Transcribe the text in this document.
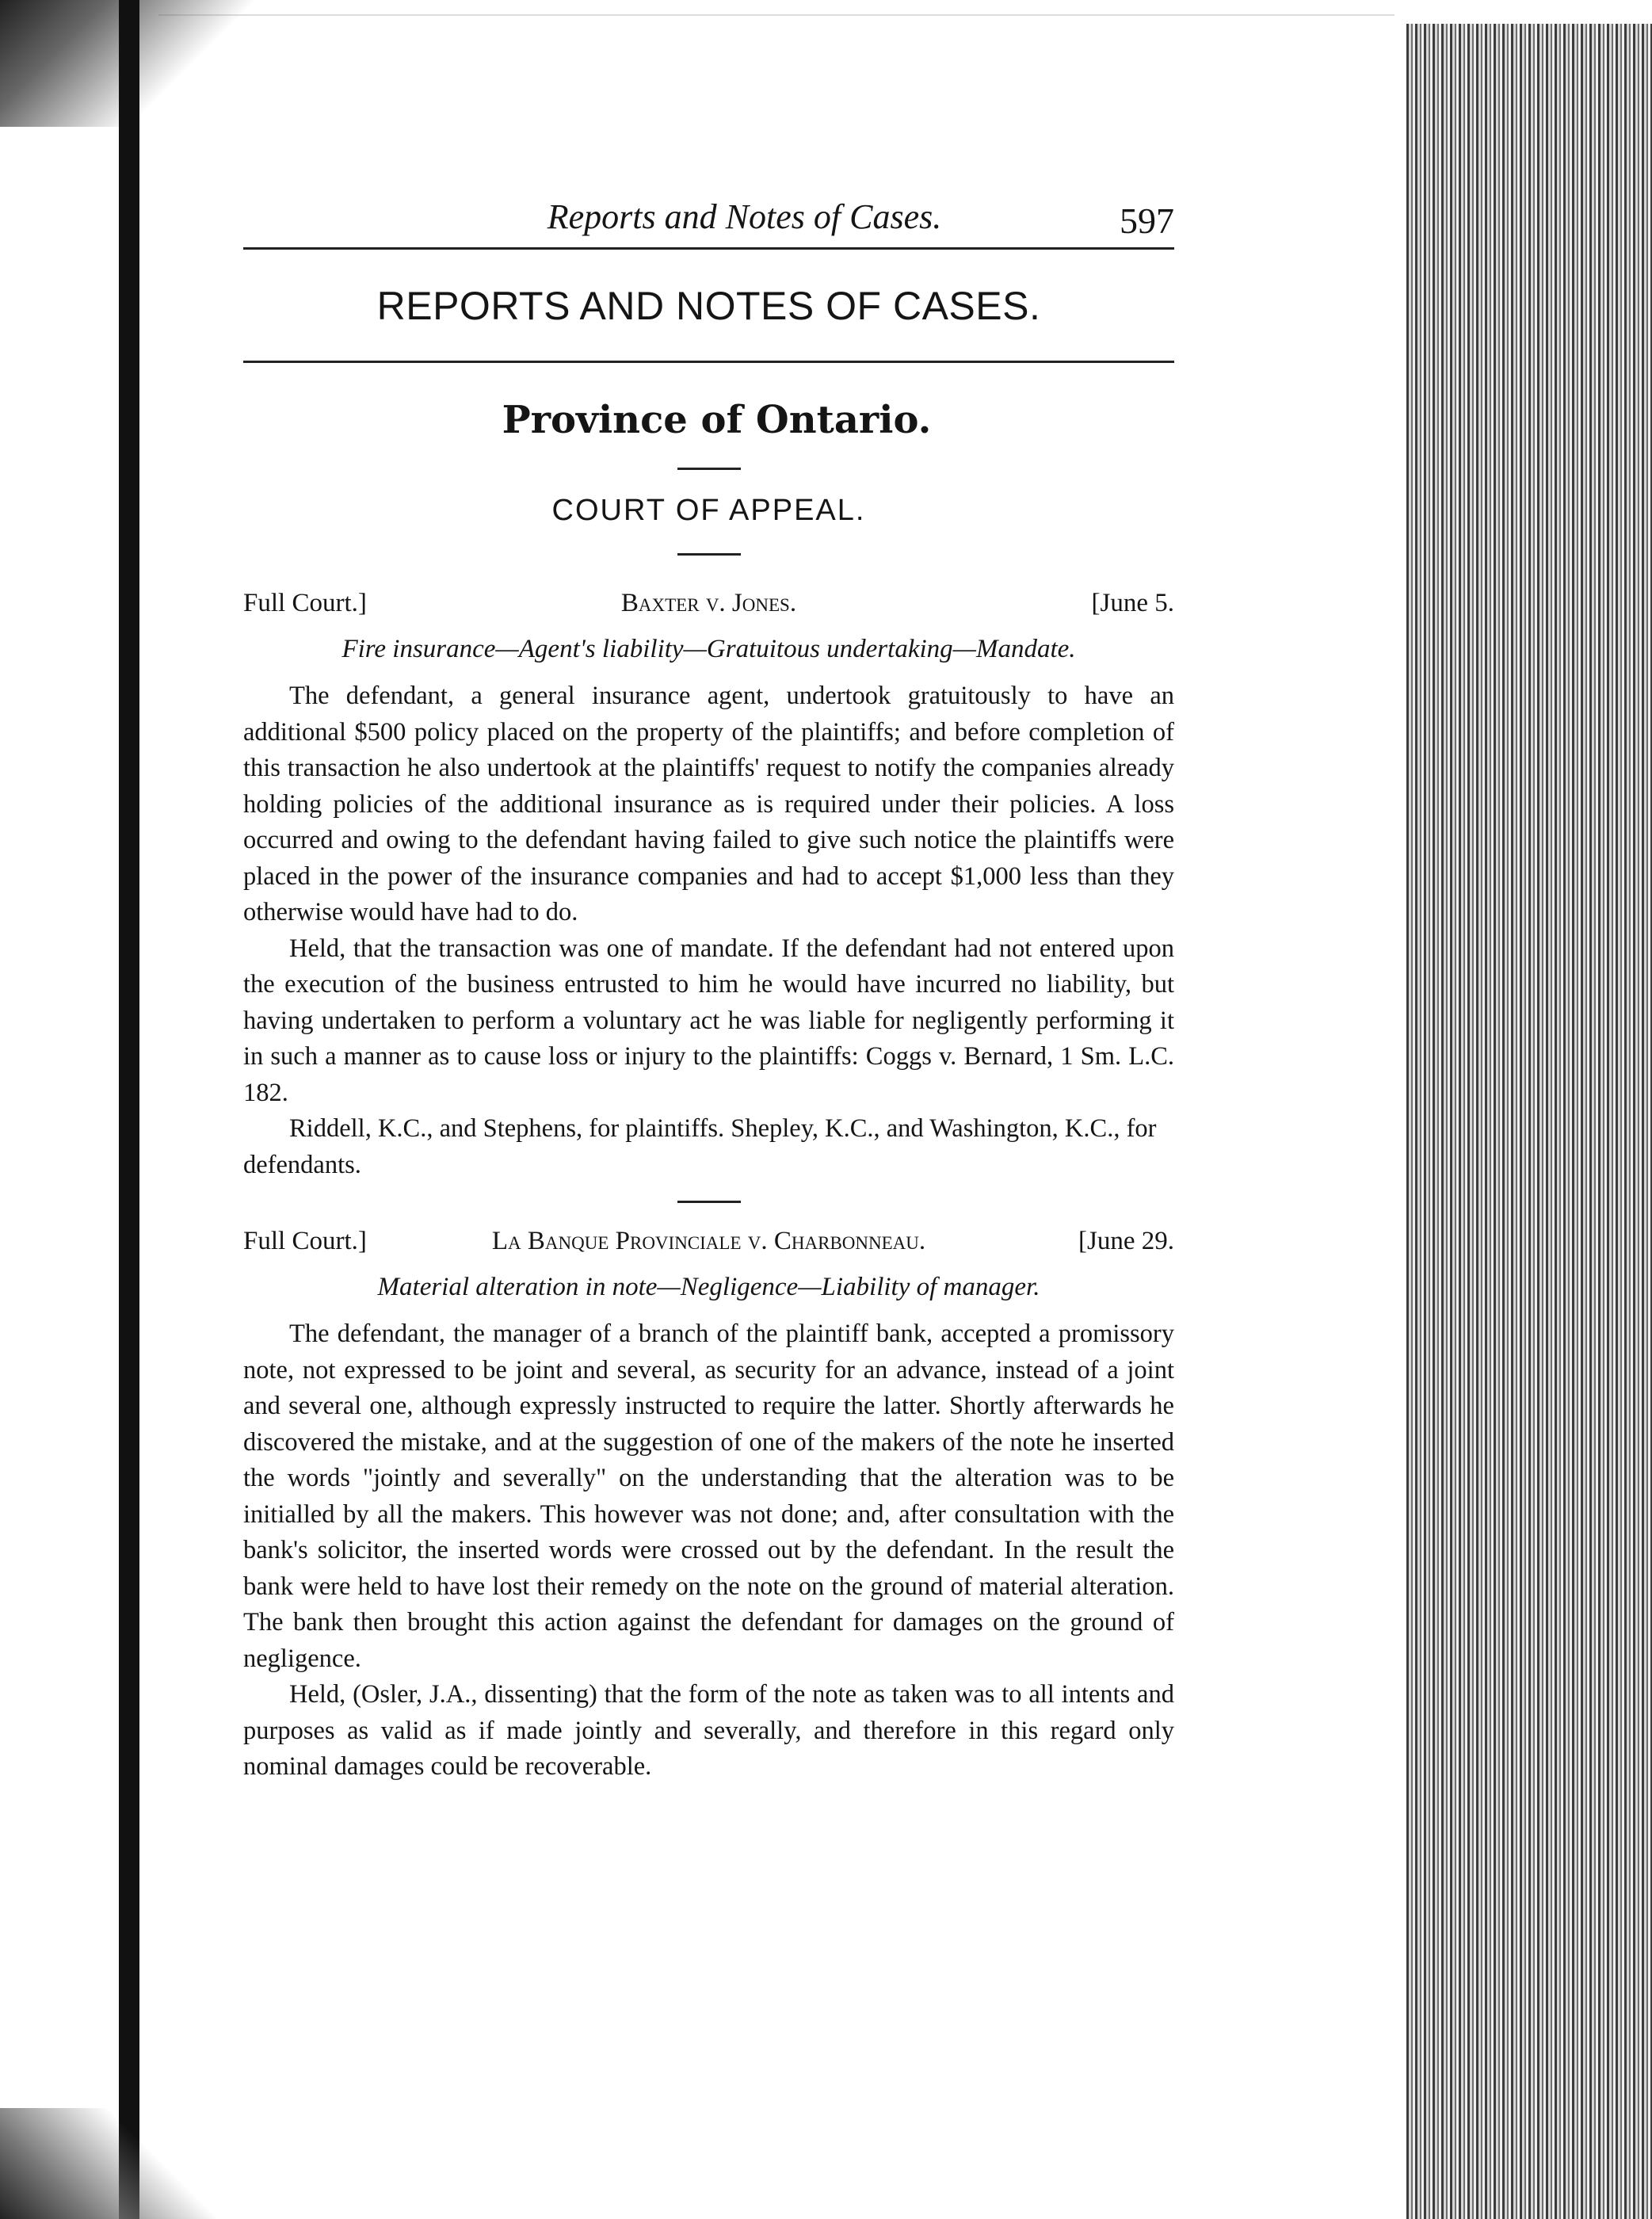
Reports and Notes of Cases.	597
REPORTS AND NOTES OF CASES.
Province of Ontario.
COURT OF APPEAL.
Full Court.]	Baxter v. Jones.	[June 5.
Fire insurance—Agent's liability—Gratuitous undertaking—Mandate.

The defendant, a general insurance agent, undertook gratuitously to have an additional $500 policy placed on the property of the plaintiffs; and before completion of this transaction he also undertook at the plaintiffs' request to notify the companies already holding policies of the additional insurance as is required under their policies. A loss occurred and owing to the defendant having failed to give such notice the plaintiffs were placed in the power of the insurance companies and had to accept $1,000 less than they otherwise would have had to do.

Held, that the transaction was one of mandate. If the defendant had not entered upon the execution of the business entrusted to him he would have incurred no liability, but having undertaken to perform a voluntary act he was liable for negligently performing it in such a manner as to cause loss or injury to the plaintiffs: Coggs v. Bernard, 1 Sm. L.C. 182.

Riddell, K.C., and Stephens, for plaintiffs. Shepley, K.C., and Washington, K.C., for defendants.

Full Court.]	La Banque Provinciale v. Charbonneau.	[June 29.
Material alteration in note—Negligence—Liability of manager.

The defendant, the manager of a branch of the plaintiff bank, accepted a promissory note, not expressed to be joint and several, as security for an advance, instead of a joint and several one, although expressly instructed to require the latter. Shortly afterwards he discovered the mistake, and at the suggestion of one of the makers of the note he inserted the words "jointly and severally" on the understanding that the alteration was to be initialled by all the makers. This however was not done; and, after consultation with the bank's solicitor, the inserted words were crossed out by the defendant. In the result the bank were held to have lost their remedy on the note on the ground of material alteration. The bank then brought this action against the defendant for damages on the ground of negligence.

Held, (Osler, J.A., dissenting) that the form of the note as taken was to all intents and purposes as valid as if made jointly and severally, and therefore in this regard only nominal damages could be recoverable.
